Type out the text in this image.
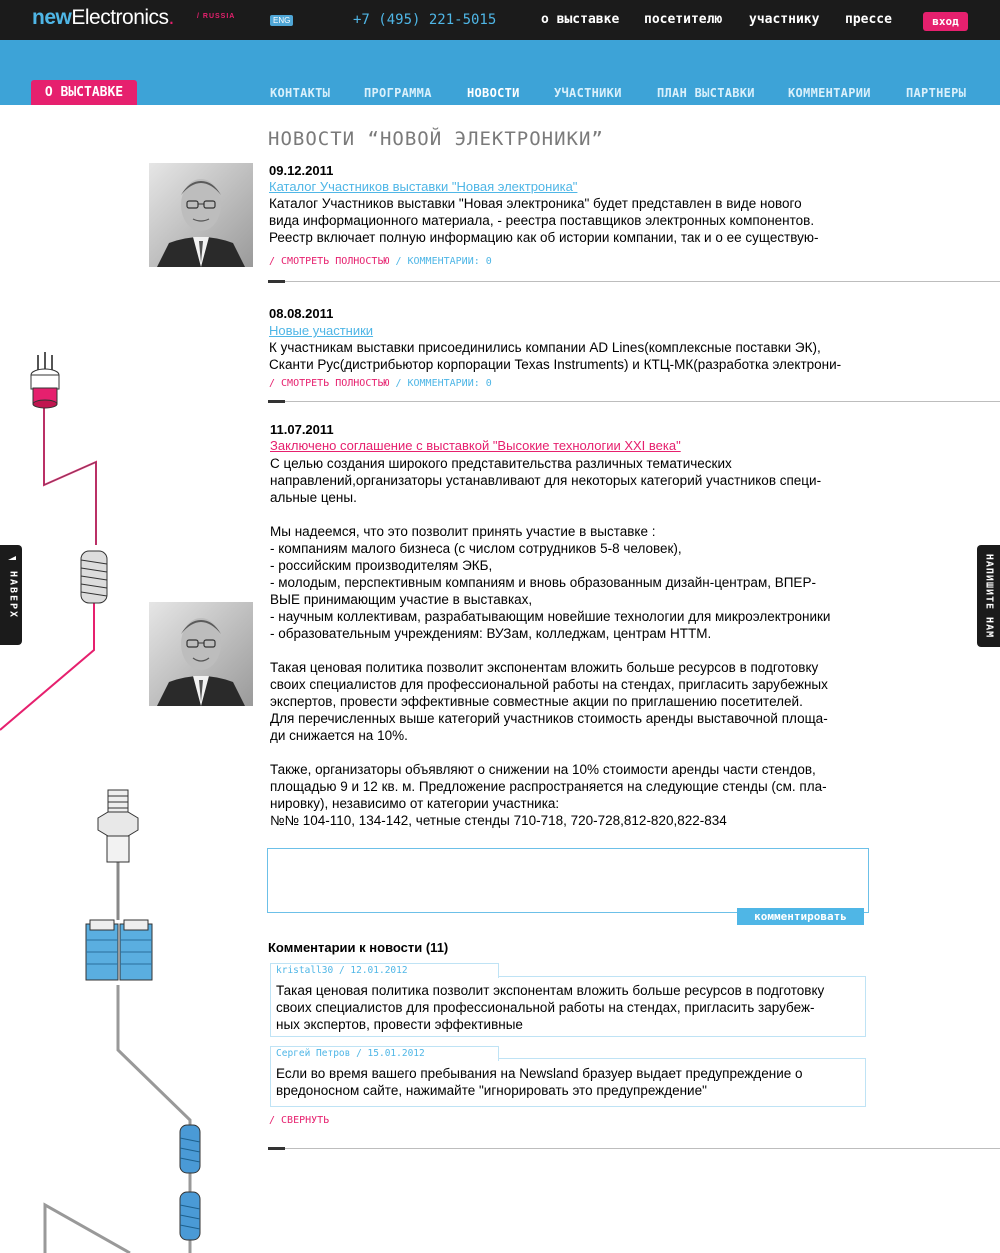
newElectronics.	/ RUSSIA	ENG	+7 (495) 221-5015	о выставке посетителю участнику прессе	вход
О ВЫСТАВКЕ	КОНТАКТЫ	ПРОГРАММА	НОВОСТИ	УЧАСТНИКИ	ПЛАН ВЫСТАВКИ	КОММЕНТАРИИ	ПАРТНЕРЫ
НОВОСТИ “НОВОЙ ЭЛЕКТРОНИКИ”
09.12.2011
Каталог Участников выставки "Новая электроника"
Каталог Участников выставки "Новая электроника" будет представлен в виде нового
вида информационного материала, - реестра поставщиков электронных компонентов.
Реестр включает полную информацию как об истории компании, так и о ее существую-
/ СМОТРЕТЬ ПОЛНОСТЬЮ / КОММЕНТАРИИ: 0
08.08.2011
Новые участники
К участникам выставки присоединились компании AD Lines(комплексные поставки ЭК),
Сканти Рус(дистрибьютор корпорации Texas Instruments) и КТЦ-МК(разработка электрони-
/ СМОТРЕТЬ ПОЛНОСТЬЮ / КОММЕНТАРИИ: 0
11.07.2011
Заключено соглашение с выставкой "Высокие технологии XXI века"
С целью создания широкого представительства различных тематических
направлений,организаторы устанавливают для некоторых категорий участников специ-
альные цены.

Мы надеемся, что это позволит принять участие в выставке :
- компаниям малого бизнеса (с числом сотрудников 5-8 человек),
- российским производителям ЭКБ,
- молодым, перспективным компаниям и вновь образованным дизайн-центрам, ВПЕР-
ВЫЕ принимающим участие в выставках,
- научным коллективам, разрабатывающим новейшие технологии для микроэлектроники
- образовательным учреждениям: ВУЗам, колледжам, центрам НТТМ.

Такая ценовая политика позволит экспонентам вложить больше ресурсов в подготовку
своих специалистов для профессиональной работы на стендах, пригласить зарубежных
экспертов, провести эффективные совместные акции по приглашению посетителей.
Для перечисленных выше категорий участников стоимость аренды выставочной площа-
ди снижается на 10%.

Также, организаторы объявляют о снижении на 10% стоимости аренды части стендов,
площадью 9 и 12 кв. м. Предложение распространяется на следующие стенды (см. пла-
нировку), независимо от категории участника:
№№ 104-110, 134-142, четные стенды 710-718, 720-728,812-820,822-834
комментировать
Комментарии к новости (11)
kristall30 / 12.01.2012
Такая ценовая политика позволит экспонентам вложить больше ресурсов в подготовку
своих специалистов для профессиональной работы на стендах, пригласить зарубеж-
ных экспертов, провести эффективные
Сергей Петров / 15.01.2012
Если во время вашего пребывания на Newsland бразуер выдает предупреждение о
вредоносном сайте, нажимайте "игнорировать это предупреждение"
/ СВЕРНУТЬ
НАВЕРХ	НАПИШИТЕ НАМ
